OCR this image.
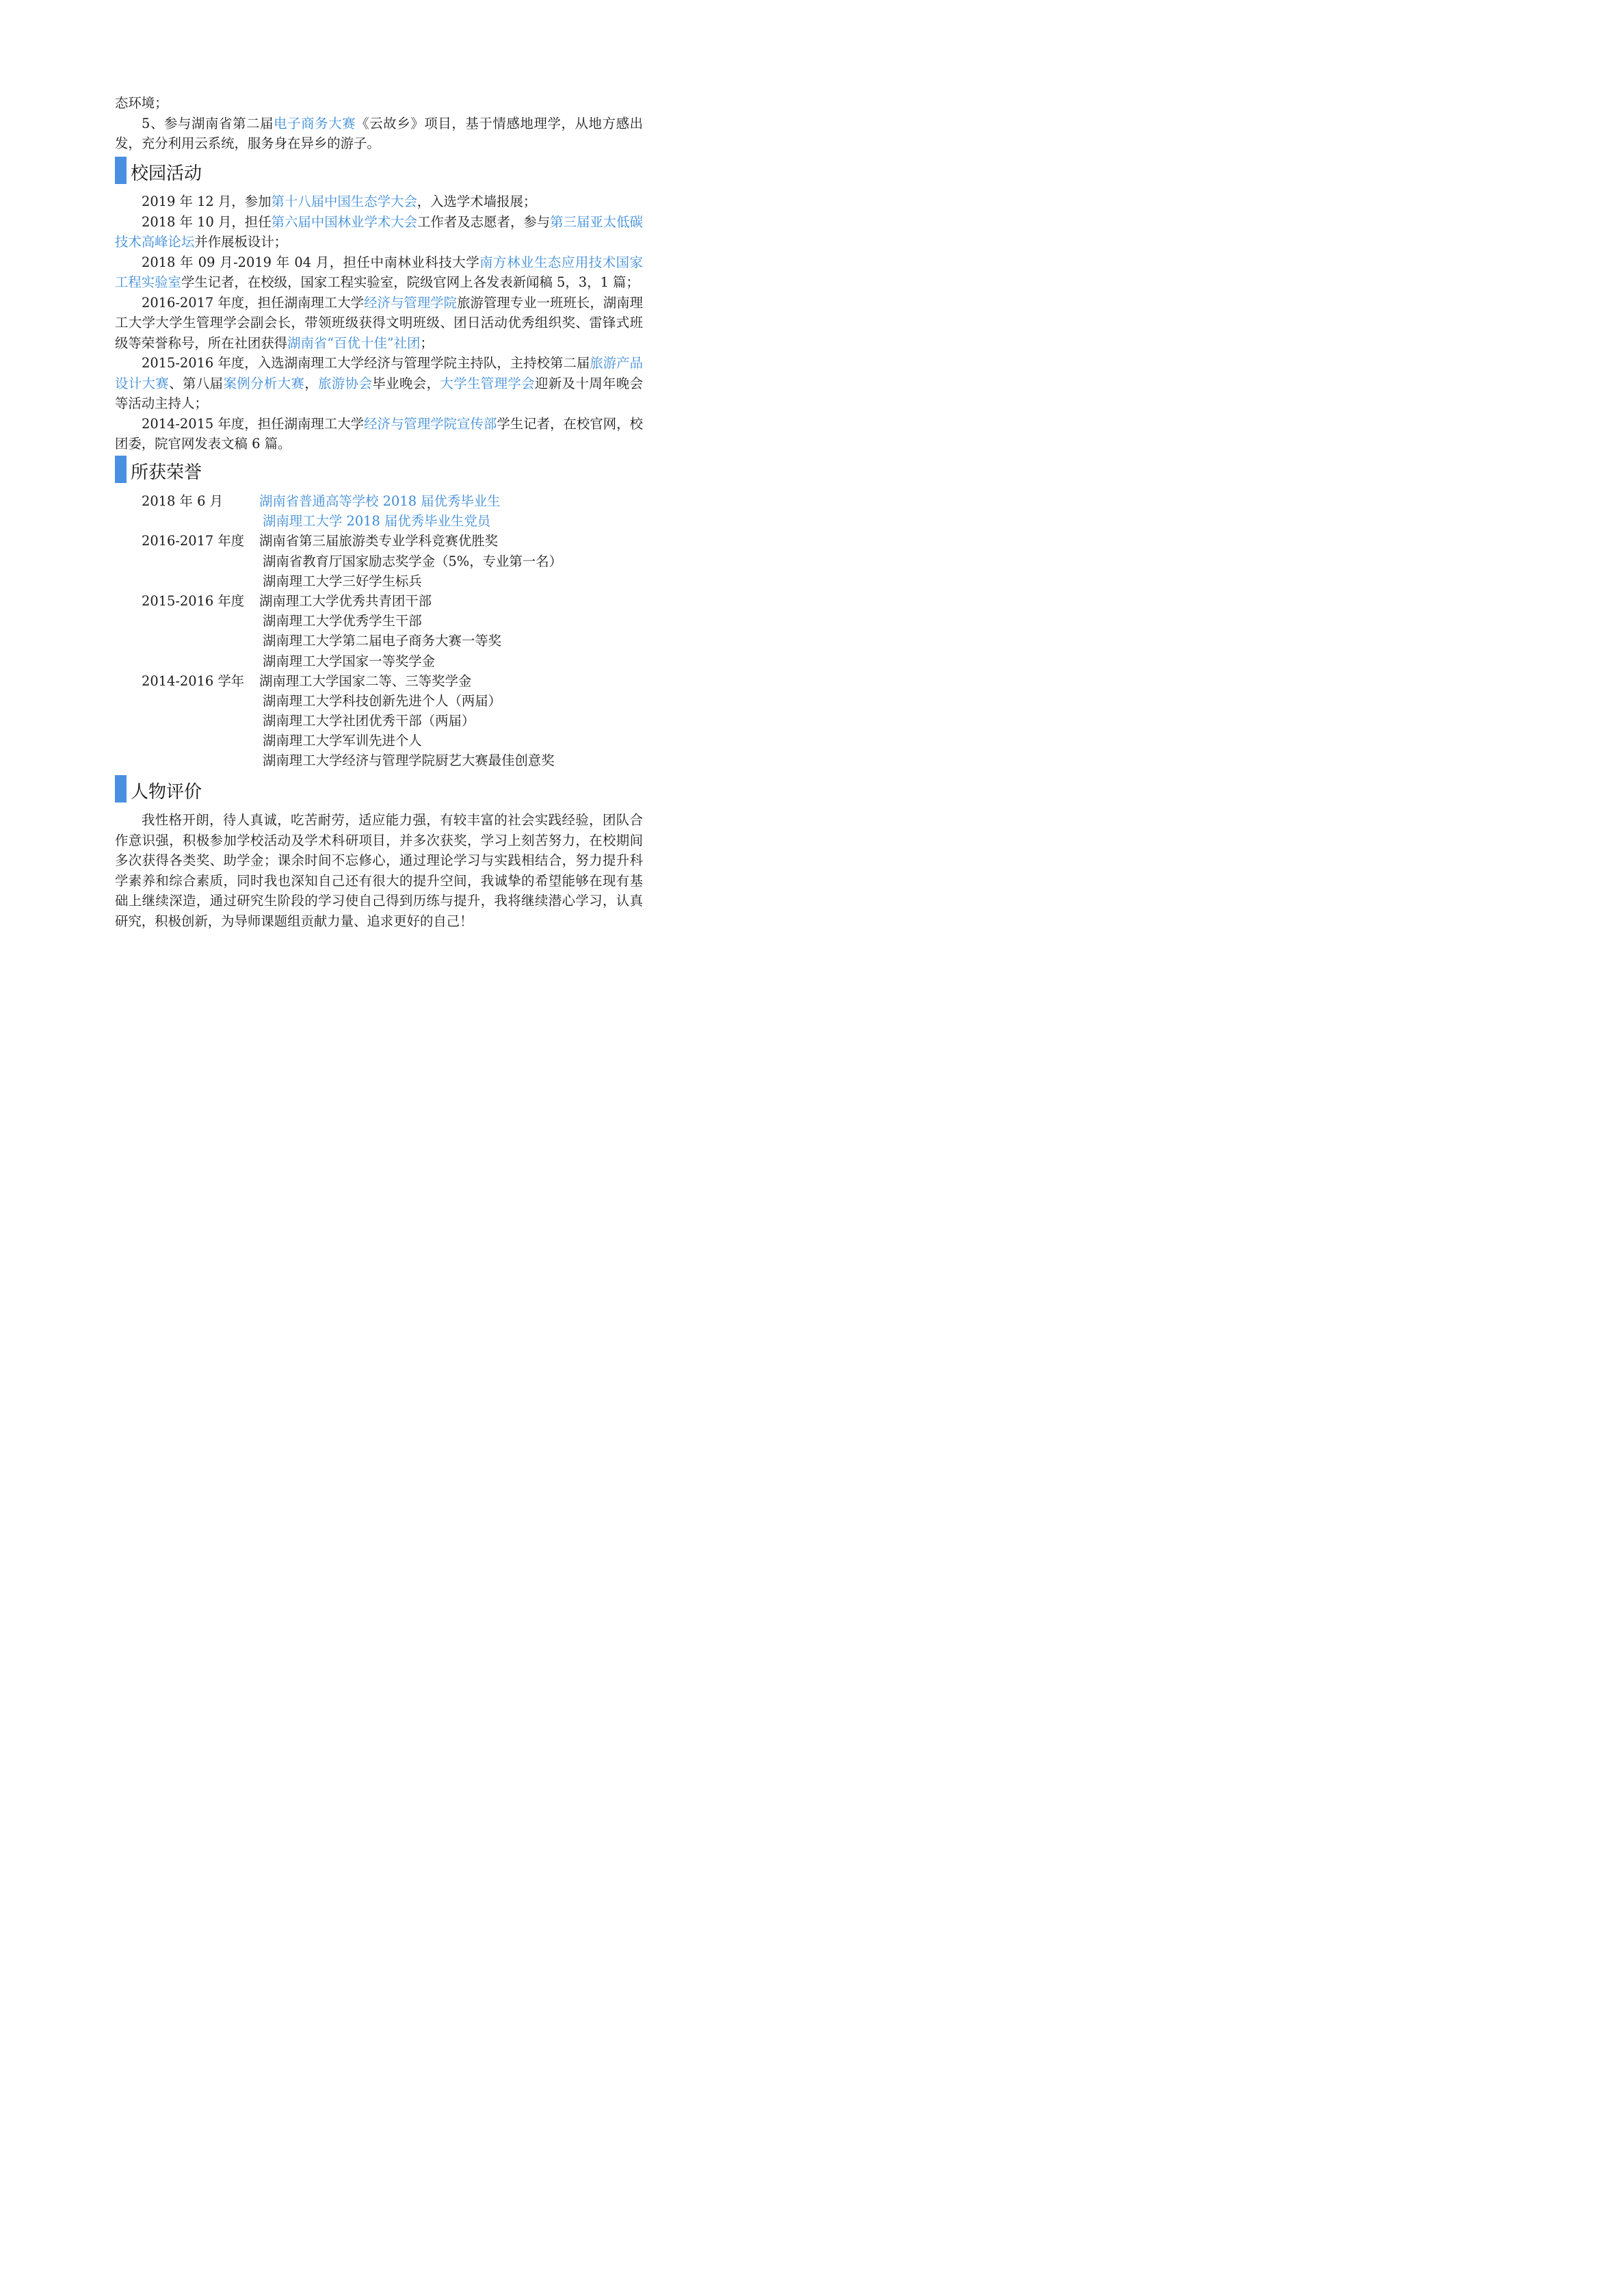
态环境；

5、参与湖南省第二届电子商务大赛《云故乡》项目，基于情感地理学，从地方感出发，充分利用云系统，服务身在异乡的游子。

校园活动

2019 年 12 月，参加第十八届中国生态学大会，入选学术墙报展；

2018 年 10 月，担任第六届中国林业学术大会工作者及志愿者，参与第三届亚太低碳技术高峰论坛并作展板设计；

2018 年 09 月-2019 年 04 月，担任中南林业科技大学南方林业生态应用技术国家工程实验室学生记者，在校级，国家工程实验室，院级官网上各发表新闻稿 5，3，1 篇；

2016-2017 年度，担任湖南理工大学经济与管理学院旅游管理专业一班班长，湖南理工大学大学生管理学会副会长，带领班级获得文明班级、团日活动优秀组织奖、雷锋式班级等荣誉称号，所在社团获得湖南省“百优十佳”社团；

2015-2016 年度，入选湖南理工大学经济与管理学院主持队，主持校第二届旅游产品设计大赛、第八届案例分析大赛，旅游协会毕业晚会，大学生管理学会迎新及十周年晚会等活动主持人；

2014-2015 年度，担任湖南理工大学经济与管理学院宣传部学生记者，在校官网，校团委，院官网发表文稿 6 篇。

所获荣誉
2018 年 6 月	湖南省普通高等学校 2018 届优秀毕业生
湖南理工大学 2018 届优秀毕业生党员
2016-2017 年度 湖南省第三届旅游类专业学科竞赛优胜奖
湖南省教育厅国家励志奖学金（5%，专业第一名）
湖南理工大学三好学生标兵
2015-2016 年度 湖南理工大学优秀共青团干部
湖南理工大学优秀学生干部
湖南理工大学第二届电子商务大赛一等奖
湖南理工大学国家一等奖学金
2014-2016 学年 湖南理工大学国家二等、三等奖学金
湖南理工大学科技创新先进个人（两届）
湖南理工大学社团优秀干部（两届）
湖南理工大学军训先进个人
湖南理工大学经济与管理学院厨艺大赛最佳创意奖
人物评价

我性格开朗，待人真诚，吃苦耐劳，适应能力强，有较丰富的社会实践经验，团队合作意识强，积极参加学校活动及学术科研项目，并多次获奖，学习上刻苦努力，在校期间多次获得各类奖、助学金；课余时间不忘修心，通过理论学习与实践相结合，努力提升科学素养和综合素质，同时我也深知自己还有很大的提升空间，我诚挚的希望能够在现有基础上继续深造，通过研究生阶段的学习使自己得到历练与提升，我将继续潜心学习，认真研究，积极创新，为导师课题组贡献力量、追求更好的自己！
